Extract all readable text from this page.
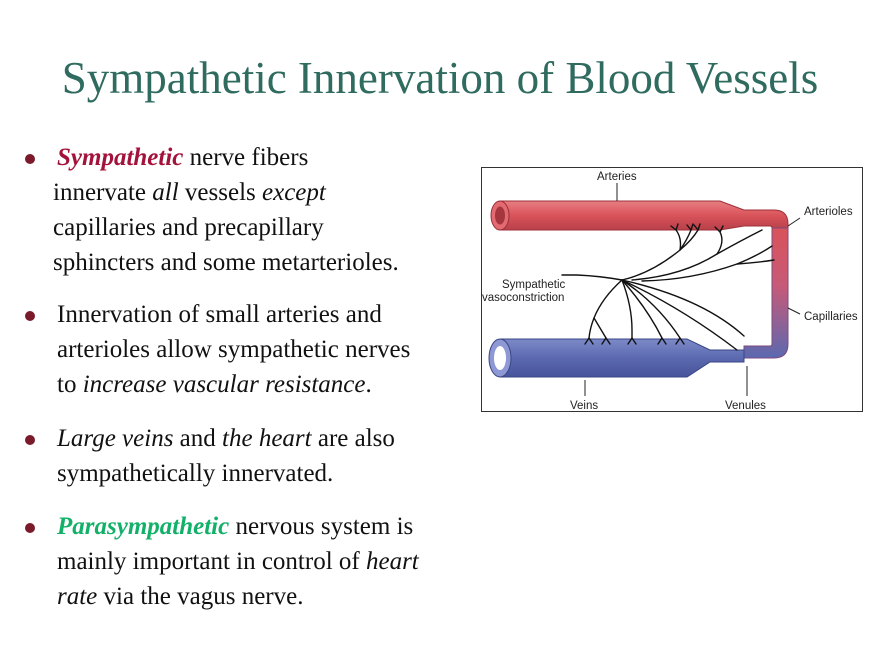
Sympathetic Innervation of Blood Vessels
Sympathetic nerve fibers
innervate all vessels except
capillaries and precapillary
sphincters and some metarterioles.
Innervation of small arteries and
arterioles allow sympathetic nerves
to increase vascular resistance.
Large veins and the heart are also
sympathetically innervated.
Parasympathetic nervous system is
mainly important in control of heart
rate via the vagus nerve.
Arteries
Arterioles
Sympathetic
vasoconstriction
Capillaries
Veins	Venules
